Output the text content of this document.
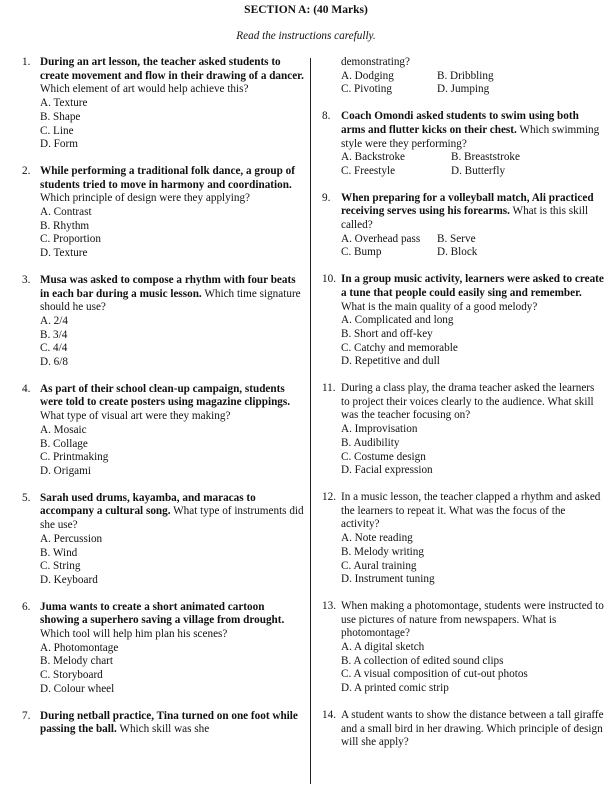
SECTION A: (40 Marks)
Read the instructions carefully.
1. During an art lesson, the teacher asked students to create movement and flow in their drawing of a dancer. Which element of art would help achieve this?
A. Texture
B. Shape
C. Line
D. Form
2. While performing a traditional folk dance, a group of students tried to move in harmony and coordination. Which principle of design were they applying?
A. Contrast
B. Rhythm
C. Proportion
D. Texture
3. Musa was asked to compose a rhythm with four beats in each bar during a music lesson. Which time signature should he use?
A. 2/4
B. 3/4
C. 4/4
D. 6/8
4. As part of their school clean-up campaign, students were told to create posters using magazine clippings. What type of visual art were they making?
A. Mosaic
B. Collage
C. Printmaking
D. Origami
5. Sarah used drums, kayamba, and maracas to accompany a cultural song. What type of instruments did she use?
A. Percussion
B. Wind
C. String
D. Keyboard
6. Juma wants to create a short animated cartoon showing a superhero saving a village from drought. Which tool will help him plan his scenes?
A. Photomontage
B. Melody chart
C. Storyboard
D. Colour wheel
7. During netball practice, Tina turned on one foot while passing the ball. Which skill was she
demonstrating?
A. Dodging	B. Dribbling
C. Pivoting	D. Jumping
8. Coach Omondi asked students to swim using both arms and flutter kicks on their chest. Which swimming style were they performing?
A. Backstroke	B. Breaststroke
C. Freestyle	D. Butterfly
9. When preparing for a volleyball match, Ali practiced receiving serves using his forearms. What is this skill called?
A. Overhead pass	B. Serve
C. Bump	D. Block
10. In a group music activity, learners were asked to create a tune that people could easily sing and remember. What is the main quality of a good melody?
A. Complicated and long
B. Short and off-key
C. Catchy and memorable
D. Repetitive and dull
11. During a class play, the drama teacher asked the learners to project their voices clearly to the audience. What skill was the teacher focusing on?
A. Improvisation
B. Audibility
C. Costume design
D. Facial expression
12. In a music lesson, the teacher clapped a rhythm and asked the learners to repeat it. What was the focus of the activity?
A. Note reading
B. Melody writing
C. Aural training
D. Instrument tuning
13. When making a photomontage, students were instructed to use pictures of nature from newspapers. What is photomontage?
A. A digital sketch
B. A collection of edited sound clips
C. A visual composition of cut-out photos
D. A printed comic strip
14. A student wants to show the distance between a tall giraffe and a small bird in her drawing. Which principle of design will she apply?
